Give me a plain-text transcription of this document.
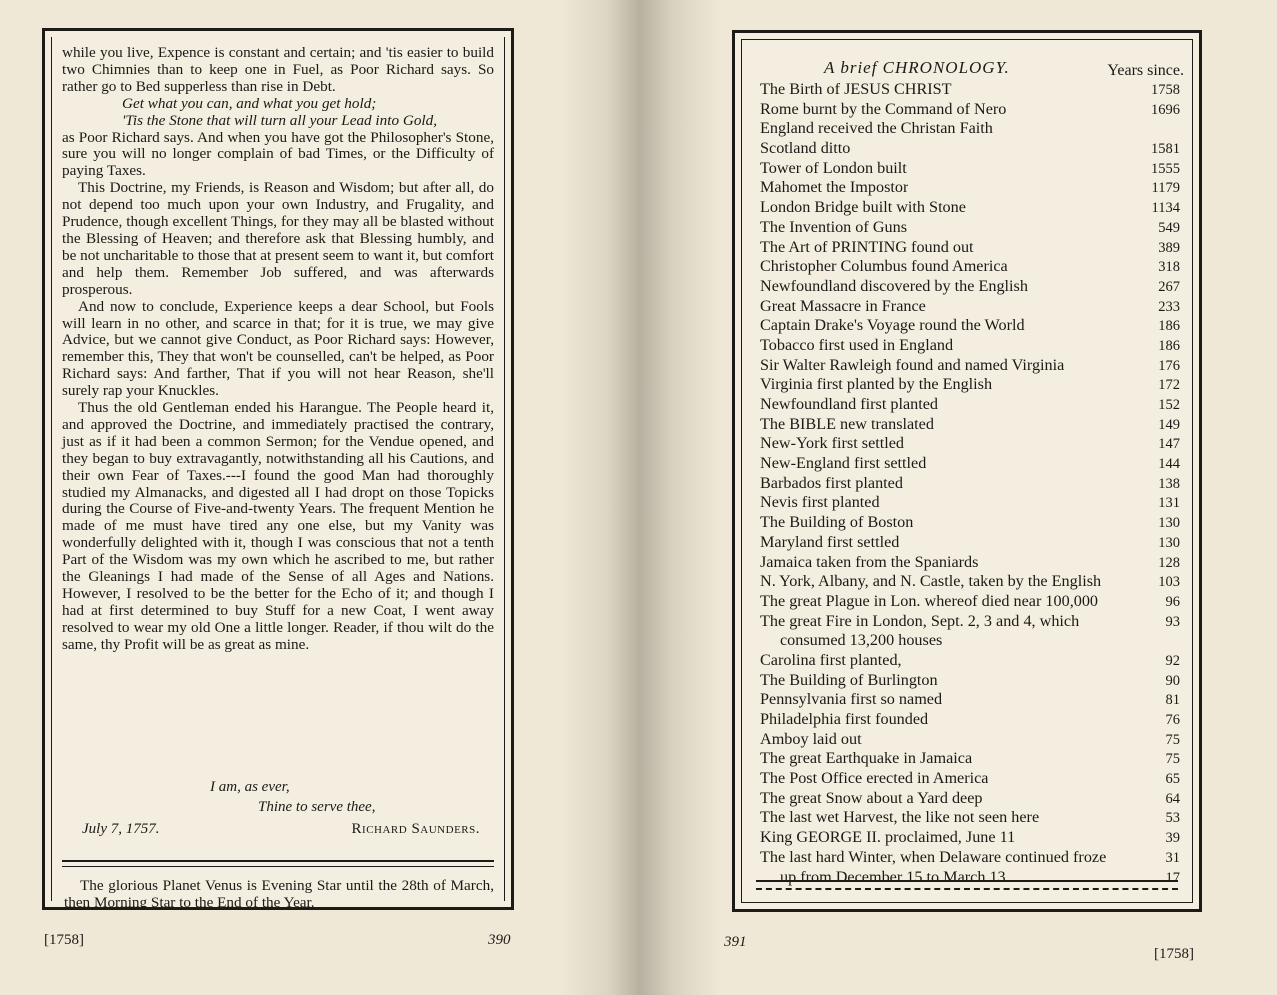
while you live, Expence is constant and certain; and 'tis easier to build two Chimnies than to keep one in Fuel, as Poor Richard says. So rather go to Bed supperless than rise in Debt.

Get what you can, and what you get hold;

'Tis the Stone that will turn all your Lead into Gold,

as Poor Richard says. And when you have got the Philosopher's Stone, sure you will no longer complain of bad Times, or the Difficulty of paying Taxes.

This Doctrine, my Friends, is Reason and Wisdom; but after all, do not depend too much upon your own Industry, and Frugality, and Prudence, though excellent Things, for they may all be blasted without the Blessing of Heaven; and therefore ask that Blessing humbly, and be not uncharitable to those that at present seem to want it, but comfort and help them. Remember Job suffered, and was afterwards prosperous.

And now to conclude, Experience keeps a dear School, but Fools will learn in no other, and scarce in that; for it is true, we may give Advice, but we cannot give Conduct, as Poor Richard says: However, remember this, They that won't be counselled, can't be helped, as Poor Richard says: And farther, That if you will not hear Reason, she'll surely rap your Knuckles.

Thus the old Gentleman ended his Harangue. The People heard it, and approved the Doctrine, and immediately practised the contrary, just as if it had been a common Sermon; for the Vendue opened, and they began to buy extravagantly, notwithstanding all his Cautions, and their own Fear of Taxes.---I found the good Man had thoroughly studied my Almanacks, and digested all I had dropt on those Topicks during the Course of Five-and-twenty Years. The frequent Mention he made of me must have tired any one else, but my Vanity was wonderfully delighted with it, though I was conscious that not a tenth Part of the Wisdom was my own which he ascribed to me, but rather the Gleanings I had made of the Sense of all Ages and Nations. However, I resolved to be the better for the Echo of it; and though I had at first determined to buy Stuff for a new Coat, I went away resolved to wear my old One a little longer. Reader, if thou wilt do the same, thy Profit will be as great as mine.

I am, as ever,
Thine to serve thee,
July 7, 1757.	Richard Saunders.
The glorious Planet Venus is Evening Star until the 28th of March, then Morning Star to the End of the Year.
A brief CHRONOLOGY.	Years since.
The Birth of JESUS CHRIST	1758
Rome burnt by the Command of Nero	1696
England received the Christan Faith
Scotland ditto	1581
Tower of London built	1555
Mahomet the Impostor	1179
London Bridge built with Stone	1134
The Invention of Guns	549
The Art of PRINTING found out	389
Christopher Columbus found America	318
Newfoundland discovered by the English	267
Great Massacre in France	233
Captain Drake's Voyage round the World	186
Tobacco first used in England	186
Sir Walter Rawleigh found and named Virginia	176
Virginia first planted by the English	172
Newfoundland first planted	152
The BIBLE new translated	149
New-York first settled	147
New-England first settled	144
Barbados first planted	138
Nevis first planted	131
The Building of Boston	130
Maryland first settled	130
Jamaica taken from the Spaniards	128
N. York, Albany, and N. Castle, taken by the English	103
The great Plague in Lon. whereof died near 100,000	96
The great Fire in London, Sept. 2, 3 and 4, which	93
consumed 13,200 houses
Carolina first planted,	92
The Building of Burlington	90
Pennsylvania first so named	81
Philadelphia first founded	76
Amboy laid out	75
The great Earthquake in Jamaica	75
The Post Office erected in America	65
The great Snow about a Yard deep	64
The last wet Harvest, the like not seen here	53
King GEORGE II. proclaimed, June 11	39
The last hard Winter, when Delaware continued froze	31
up from December 15 to March 13	17
[1758]	390	391
[1758]
